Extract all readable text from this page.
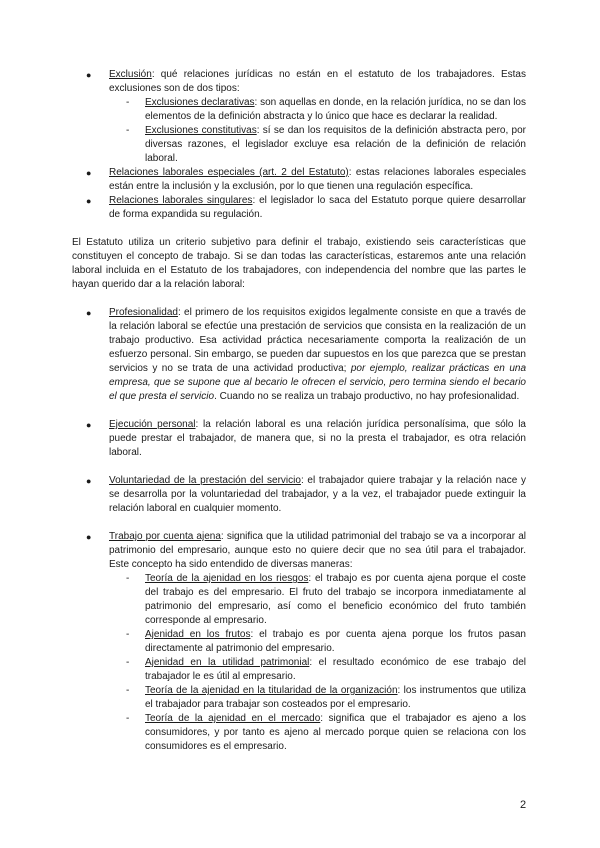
● Exclusión: qué relaciones jurídicas no están en el estatuto de los trabajadores. Estas exclusiones son de dos tipos:
- Exclusiones declarativas: son aquellas en donde, en la relación jurídica, no se dan los elementos de la definición abstracta y lo único que hace es declarar la realidad.
- Exclusiones constitutivas: sí se dan los requisitos de la definición abstracta pero, por diversas razones, el legislador excluye esa relación de la definición de relación laboral.
● Relaciones laborales especiales (art. 2 del Estatuto): estas relaciones laborales especiales están entre la inclusión y la exclusión, por lo que tienen una regulación específica.
● Relaciones laborales singulares: el legislador lo saca del Estatuto porque quiere desarrollar de forma expandida su regulación.
El Estatuto utiliza un criterio subjetivo para definir el trabajo, existiendo seis características que constituyen el concepto de trabajo. Si se dan todas las características, estaremos ante una relación laboral incluida en el Estatuto de los trabajadores, con independencia del nombre que las partes le hayan querido dar a la relación laboral:
● Profesionalidad: el primero de los requisitos exigidos legalmente consiste en que a través de la relación laboral se efectúe una prestación de servicios que consista en la realización de un trabajo productivo. Esa actividad práctica necesariamente comporta la realización de un esfuerzo personal. Sin embargo, se pueden dar supuestos en los que parezca que se prestan servicios y no se trata de una actividad productiva; por ejemplo, realizar prácticas en una empresa, que se supone que al becario le ofrecen el servicio, pero termina siendo el becario el que presta el servicio. Cuando no se realiza un trabajo productivo, no hay profesionalidad.
● Ejecución personal: la relación laboral es una relación jurídica personalísima, que sólo la puede prestar el trabajador, de manera que, si no la presta el trabajador, es otra relación laboral.
● Voluntariedad de la prestación del servicio: el trabajador quiere trabajar y la relación nace y se desarrolla por la voluntariedad del trabajador, y a la vez, el trabajador puede extinguir la relación laboral en cualquier momento.
● Trabajo por cuenta ajena: significa que la utilidad patrimonial del trabajo se va a incorporar al patrimonio del empresario, aunque esto no quiere decir que no sea útil para el trabajador. Este concepto ha sido entendido de diversas maneras:
- Teoría de la ajenidad en los riesgos: el trabajo es por cuenta ajena porque el coste del trabajo es del empresario. El fruto del trabajo se incorpora inmediatamente al patrimonio del empresario, así como el beneficio económico del fruto también corresponde al empresario.
- Ajenidad en los frutos: el trabajo es por cuenta ajena porque los frutos pasan directamente al patrimonio del empresario.
- Ajenidad en la utilidad patrimonial: el resultado económico de ese trabajo del trabajador le es útil al empresario.
- Teoría de la ajenidad en la titularidad de la organización: los instrumentos que utiliza el trabajador para trabajar son costeados por el empresario.
- Teoría de la ajenidad en el mercado: significa que el trabajador es ajeno a los consumidores, y por tanto es ajeno al mercado porque quien se relaciona con los consumidores es el empresario.
2
